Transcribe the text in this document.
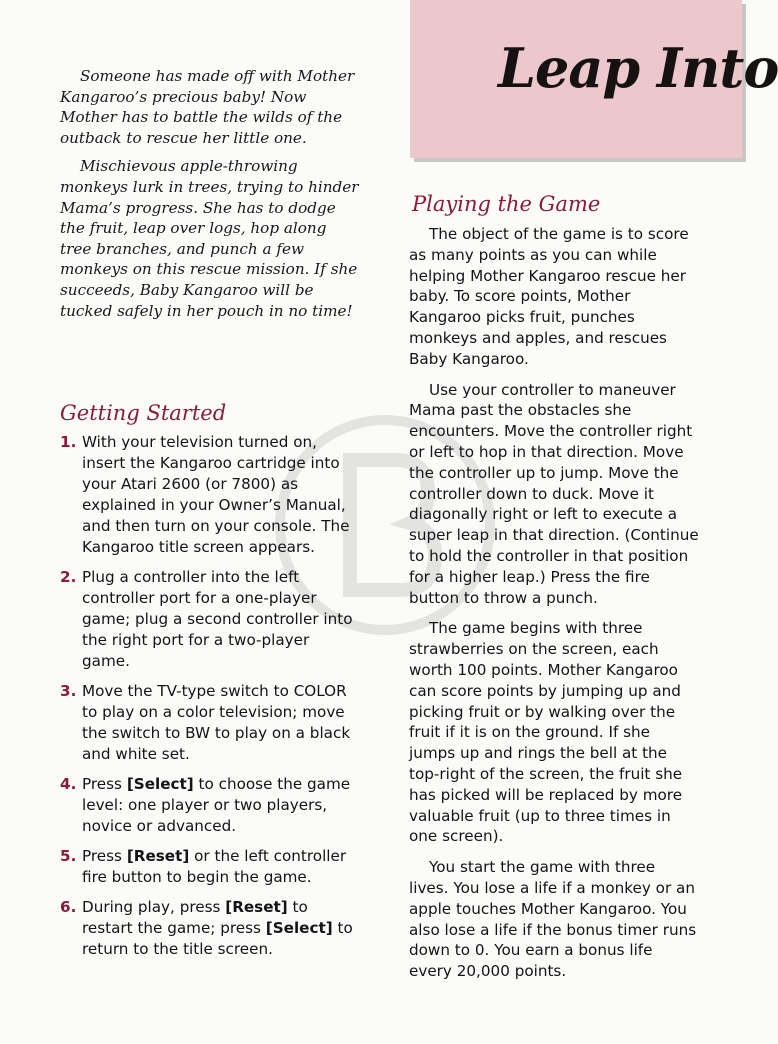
Leap Into

Someone has made off with Mother Kangaroo’s precious baby! Now Mother has to battle the wilds of the outback to rescue her little one.

Mischievous apple-throwing monkeys lurk in trees, trying to hinder Mama’s progress. She has to dodge the fruit, leap over logs, hop along tree branches, and punch a few monkeys on this rescue mission. If she succeeds, Baby Kangaroo will be tucked safely in her pouch in no time!

Getting Started
1. With your television turned on, insert the Kangaroo cartridge into your Atari 2600 (or 7800) as explained in your Owner’s Manual, and then turn on your console. The Kangaroo title screen appears.
2. Plug a controller into the left controller port for a one-player game; plug a second controller into the right port for a two-player game.
3. Move the TV-type switch to COLOR to play on a color television; move the switch to BW to play on a black and white set.
4. Press [Select] to choose the game level: one player or two players, novice or advanced.
5. Press [Reset] or the left controller fire button to begin the game.
6. During play, press [Reset] to restart the game; press [Select] to return to the title screen.
Playing the Game

The object of the game is to score as many points as you can while helping Mother Kangaroo rescue her baby. To score points, Mother Kangaroo picks fruit, punches monkeys and apples, and rescues Baby Kangaroo.

Use your controller to maneuver Mama past the obstacles she encounters. Move the controller right or left to hop in that direction. Move the controller up to jump. Move the controller down to duck. Move it diagonally right or left to execute a super leap in that direction. (Continue to hold the controller in that position for a higher leap.) Press the fire button to throw a punch.

The game begins with three strawberries on the screen, each worth 100 points. Mother Kangaroo can score points by jumping up and picking fruit or by walking over the fruit if it is on the ground. If she jumps up and rings the bell at the top-right of the screen, the fruit she has picked will be replaced by more valuable fruit (up to three times in one screen).

You start the game with three lives. You lose a life if a monkey or an apple touches Mother Kangaroo. You also lose a life if the bonus timer runs down to 0. You earn a bonus life every 20,000 points.
